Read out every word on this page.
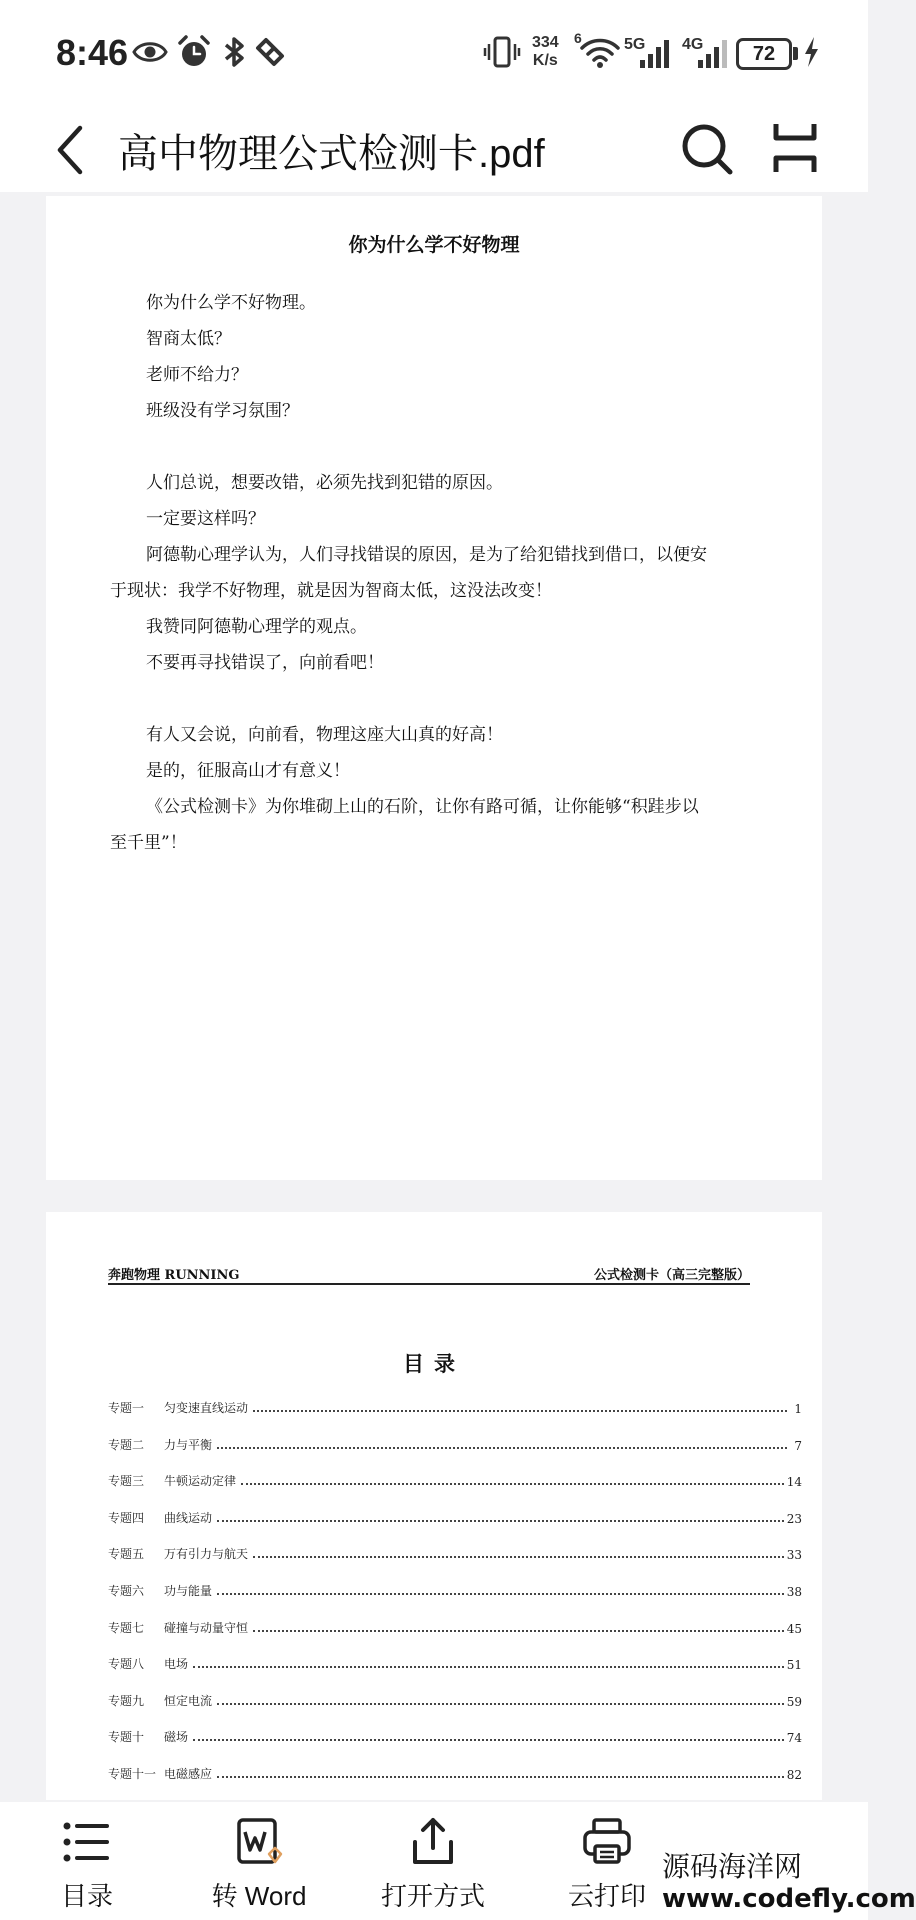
8:46	334
K/s
6	5G 4G	72
高中物理公式检测卡.pdf
你为什么学不好物理
你为什么学不好物理。
智商太低？
老师不给力？
班级没有学习氛围？
人们总说，想要改错，必须先找到犯错的原因。
一定要这样吗？
阿德勒心理学认为，人们寻找错误的原因，是为了给犯错找到借口，以便安
于现状：我学不好物理，就是因为智商太低，这没法改变！
我赞同阿德勒心理学的观点。
不要再寻找错误了，向前看吧！
有人又会说，向前看，物理这座大山真的好高！
是的，征服高山才有意义！
《公式检测卡》为你堆砌上山的石阶，让你有路可循，让你能够“积跬步以
至千里”！
奔跑物理 RUNNING	公式检测卡（高三完整版）
目录
专题一	匀变速直线运动	1
专题二	力与平衡	7
专题三	牛顿运动定律	14
专题四	曲线运动	23
专题五	万有引力与航天	33
专题六	功与能量	38
专题七	碰撞与动量守恒	45
专题八	电场	51
专题九	恒定电流	59
专题十	磁场	74
专题十一 电磁感应	82
目录	转 Word	打开方式	云打印
源码海洋网
www.codefly.com
